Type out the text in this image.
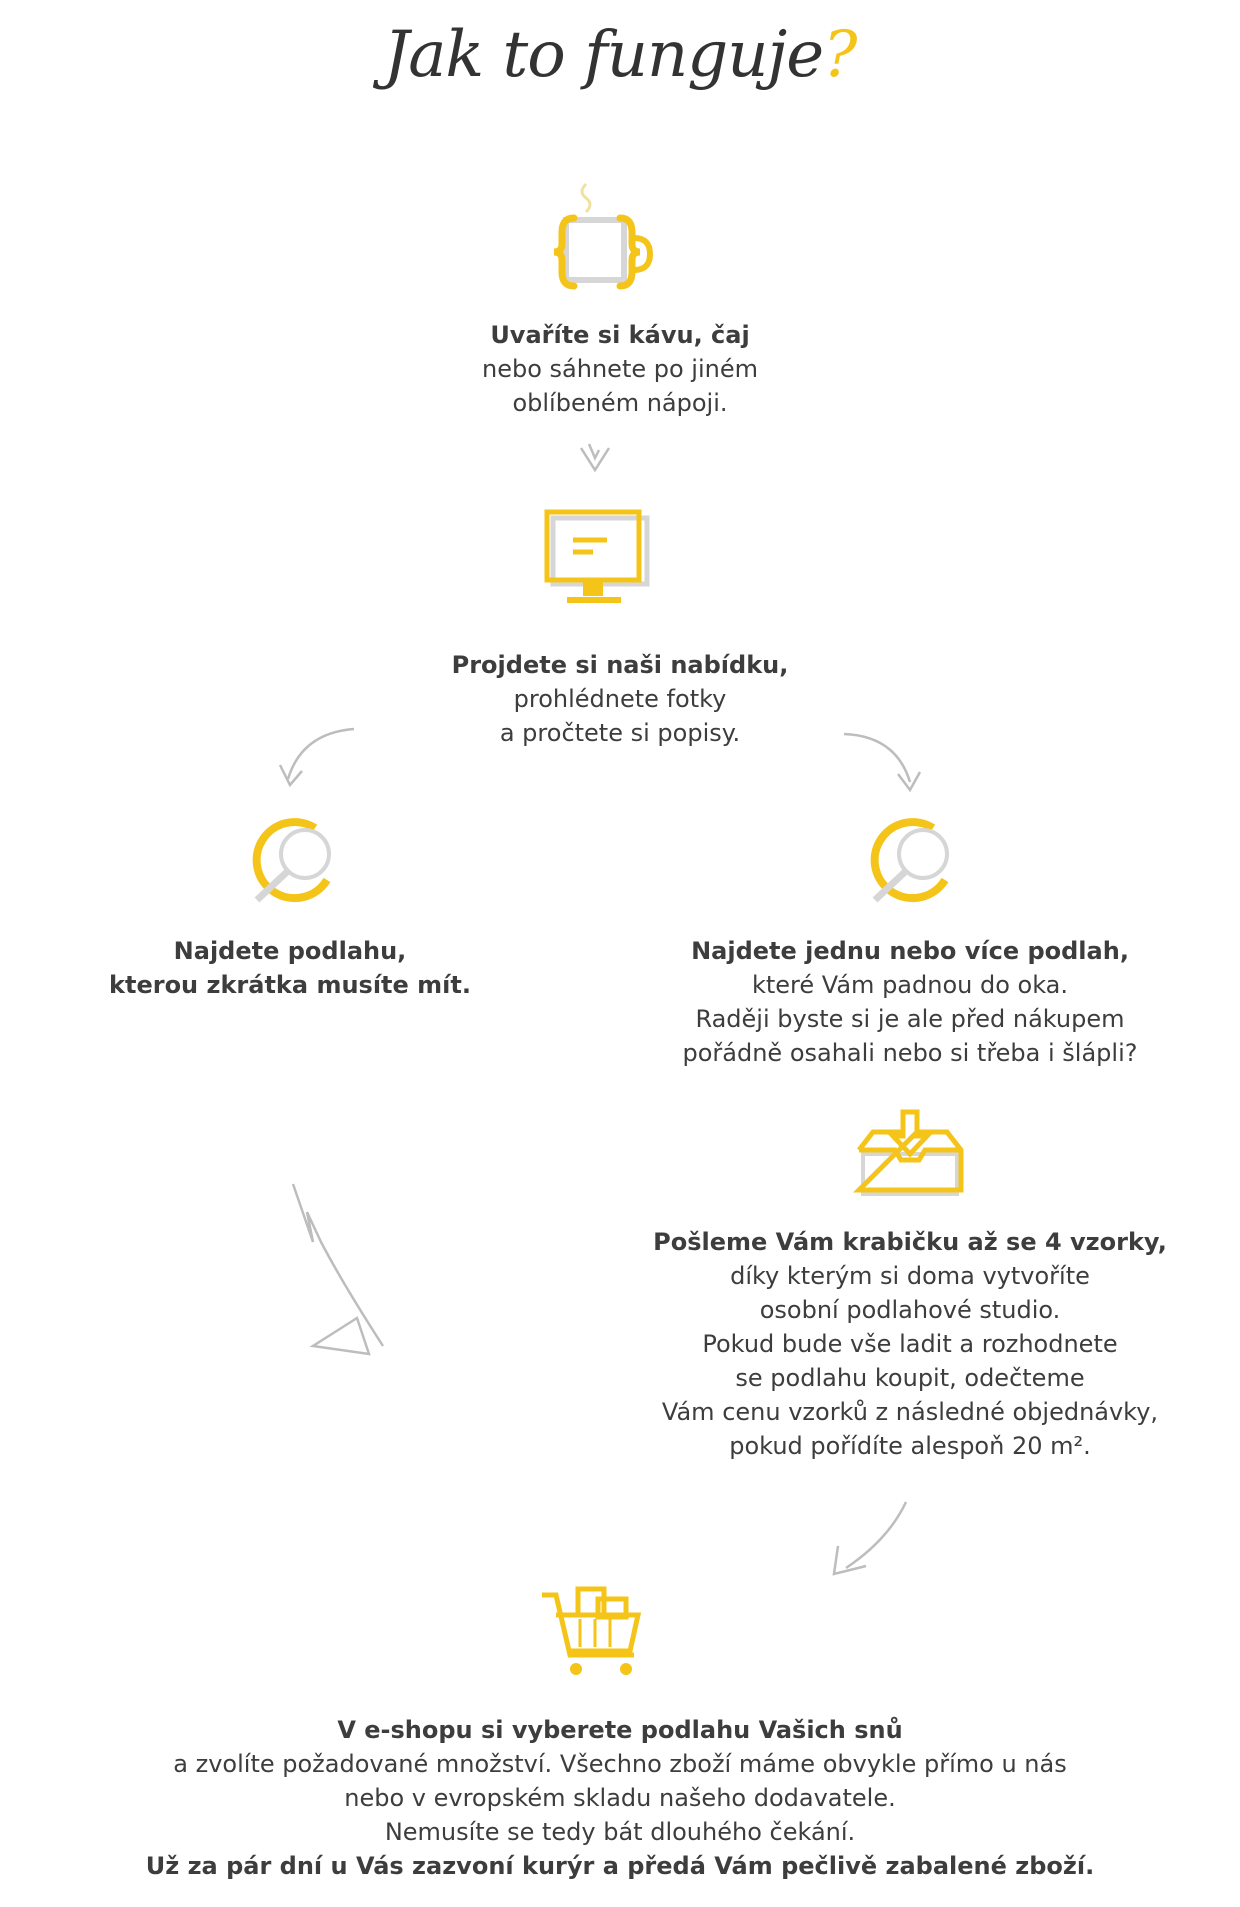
Jak to funguje?
Uvaříte si kávu, čaj
nebo sáhnete po jiném
oblíbeném nápoji.
Projdete si naši nabídku,
prohlédnete fotky
a pročtete si popisy.
Najdete podlahu,
kterou zkrátka musíte mít.
Najdete jednu nebo více podlah,
které Vám padnou do oka.
Raději byste si je ale před nákupem
pořádně osahali nebo si třeba i šlápli?
Pošleme Vám krabičku až se 4 vzorky,
díky kterým si doma vytvoříte
osobní podlahové studio.
Pokud bude vše ladit a rozhodnete
se podlahu koupit, odečteme
Vám cenu vzorků z následné objednávky,
pokud pořídíte alespoň 20 m².
V e-shopu si vyberete podlahu Vašich snů
a zvolíte požadované množství. Všechno zboží máme obvykle přímo u nás
nebo v evropském skladu našeho dodavatele.
Nemusíte se tedy bát dlouhého čekání.
Už za pár dní u Vás zazvoní kurýr a předá Vám pečlivě zabalené zboží.
